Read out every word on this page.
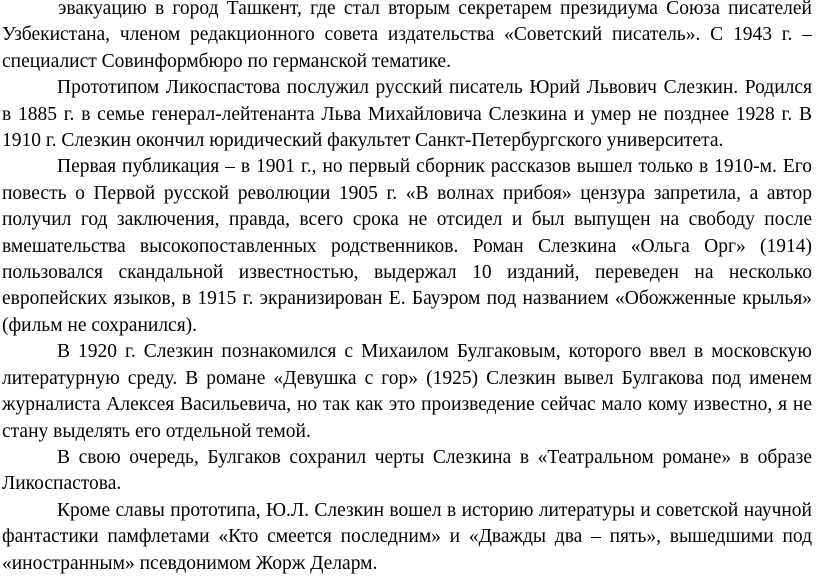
эвакуацию в город Ташкент, где стал вторым секретарем президиума Союза писателей Узбекистана, членом редакционного совета издательства «Советский писатель». С 1943 г. – специалист Совинформбюро по германской тематике.

Прототипом Ликоспастова послужил русский писатель Юрий Львович Слезкин. Родился в 1885 г. в семье генерал-лейтенанта Льва Михайловича Слезкина и умер не позднее 1928 г. В 1910 г. Слезкин окончил юридический факультет Санкт-Петербургского университета.

Первая публикация – в 1901 г., но первый сборник рассказов вышел только в 1910-м. Его повесть о Первой русской революции 1905 г. «В волнах прибоя» цензура запретила, а автор получил год заключения, правда, всего срока не отсидел и был выпущен на свободу после вмешательства высокопоставленных родственников. Роман Слезкина «Ольга Орг» (1914) пользовался скандальной известностью, выдержал 10 изданий, переведен на несколько европейских языков, в 1915 г. экранизирован Е. Бауэром под названием «Обожженные крылья» (фильм не сохранился).

В 1920 г. Слезкин познакомился с Михаилом Булгаковым, которого ввел в московскую литературную среду. В романе «Девушка с гор» (1925) Слезкин вывел Булгакова под именем журналиста Алексея Васильевича, но так как это произведение сейчас мало кому известно, я не стану выделять его отдельной темой.

В свою очередь, Булгаков сохранил черты Слезкина в «Театральном романе» в образе Ликоспастова.

Кроме славы прототипа, Ю.Л. Слезкин вошел в историю литературы и советской научной фантастики памфлетами «Кто смеется последним» и «Дважды два – пять», вышедшими под «иностранным» псевдонимом Жорж Деларм.
